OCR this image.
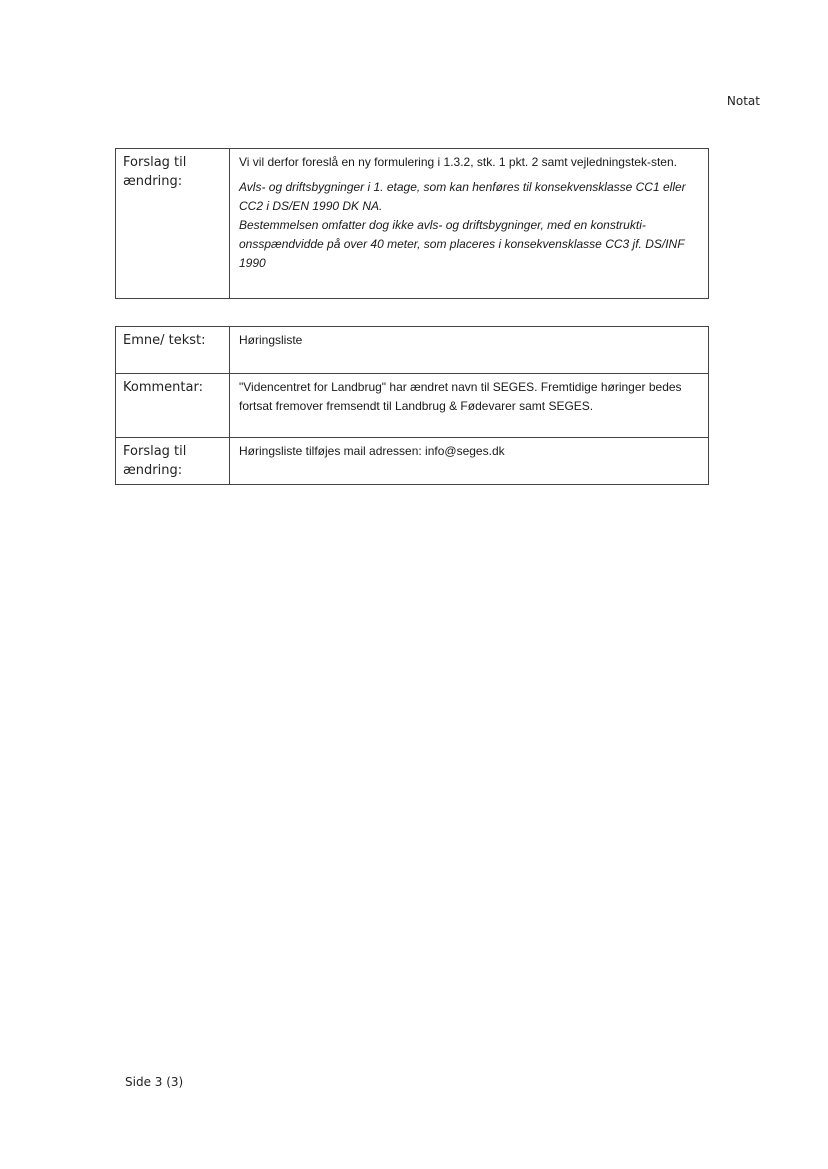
Notat
Forslag til ændring:	

Vi vil derfor foreslå en ny formulering i 1.3.2, stk. 1 pkt. 2 samt vejledningstek-sten.

Avls- og driftsbygninger i 1. etage, som kan henføres til konsekvensklasse CC1 eller CC2 i DS/EN 1990 DK NA.
Bestemmelsen omfatter dog ikke avls- og driftsbygninger, med en konstrukti-onsspændvidde på over 40 meter, som placeres i konsekvensklasse CC3 jf. DS/INF 1990
Emne/ tekst:	Høringsliste
Kommentar:	"Videncentret for Landbrug" har ændret navn til SEGES. Fremtidige høringer bedes fortsat fremover fremsendt til Landbrug & Fødevarer samt SEGES.
Forslag til ændring:	Høringsliste tilføjes mail adressen: info@seges.dk
Side 3 (3)
